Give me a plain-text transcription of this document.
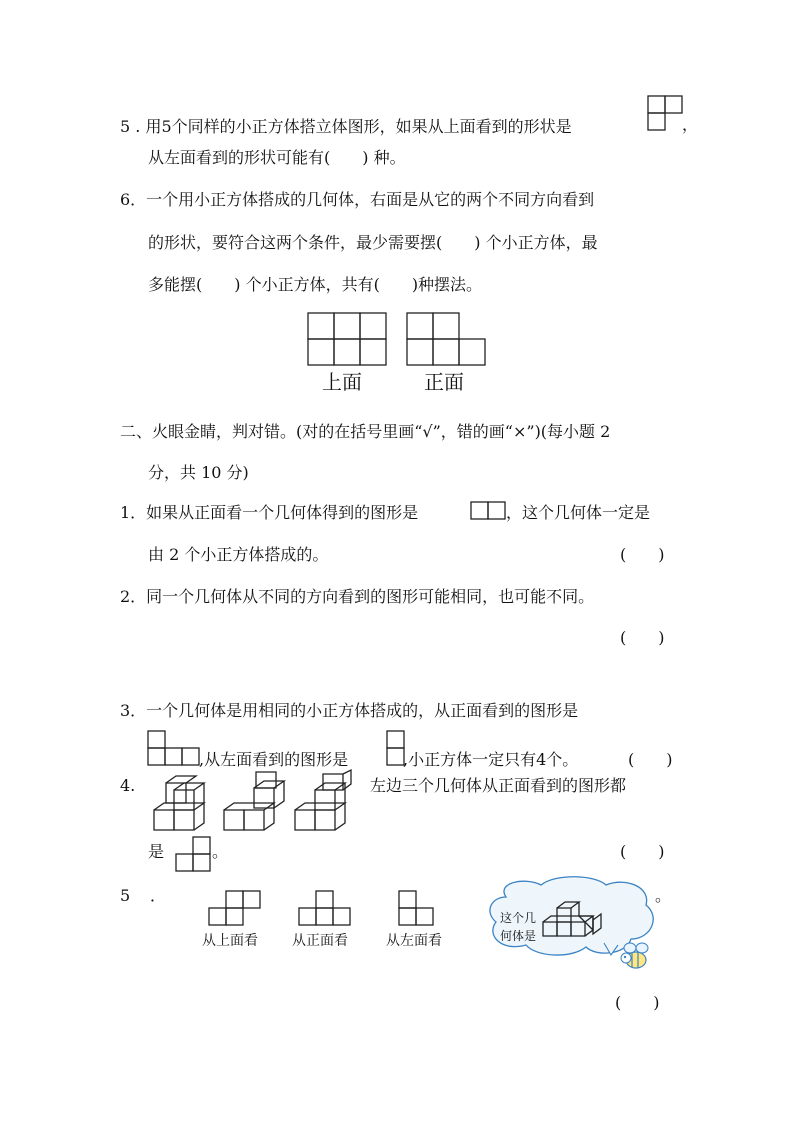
5 . 用5个同样的小正方体搭立体图形，如果从上面看到的形状是	，
从左面看到的形状可能有(　　) 种。
6．一个用小正方体搭成的几何体，右面是从它的两个不同方向看到
的形状，要符合这两个条件，最少需要摆(　　) 个小正方体，最
多能摆(　　) 个小正方体，共有(　　)种摆法。
上面	正面
二、火眼金睛，判对错。(对的在括号里画“√”，错的画“×”)(每小题 2
分，共 10 分)
1．如果从正面看一个几何体得到的图形是	，这个几何体一定是
由 2 个小正方体搭成的。	(　　)
2．同一个几何体从不同的方向看到的图形可能相同，也可能不同。
(　　)
3．一个几何体是用相同的小正方体搭成的，从正面看到的图形是
,从左面看到的图形是	,小正方体一定只有4个。	(　　)
4.	左边三个几何体从正面看到的图形都
是	。	(　　)
5 ．	。
从上面看 从正面看	从左面看
这个几
何体是
(　　)
